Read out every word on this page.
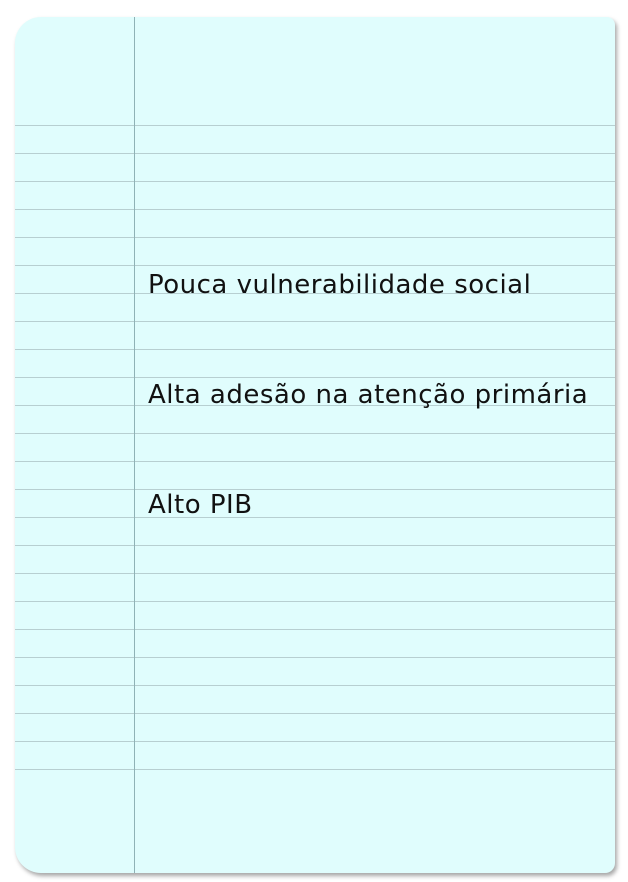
Pouca vulnerabilidade social
Alta adesão na atenção primária
Alto PIB
